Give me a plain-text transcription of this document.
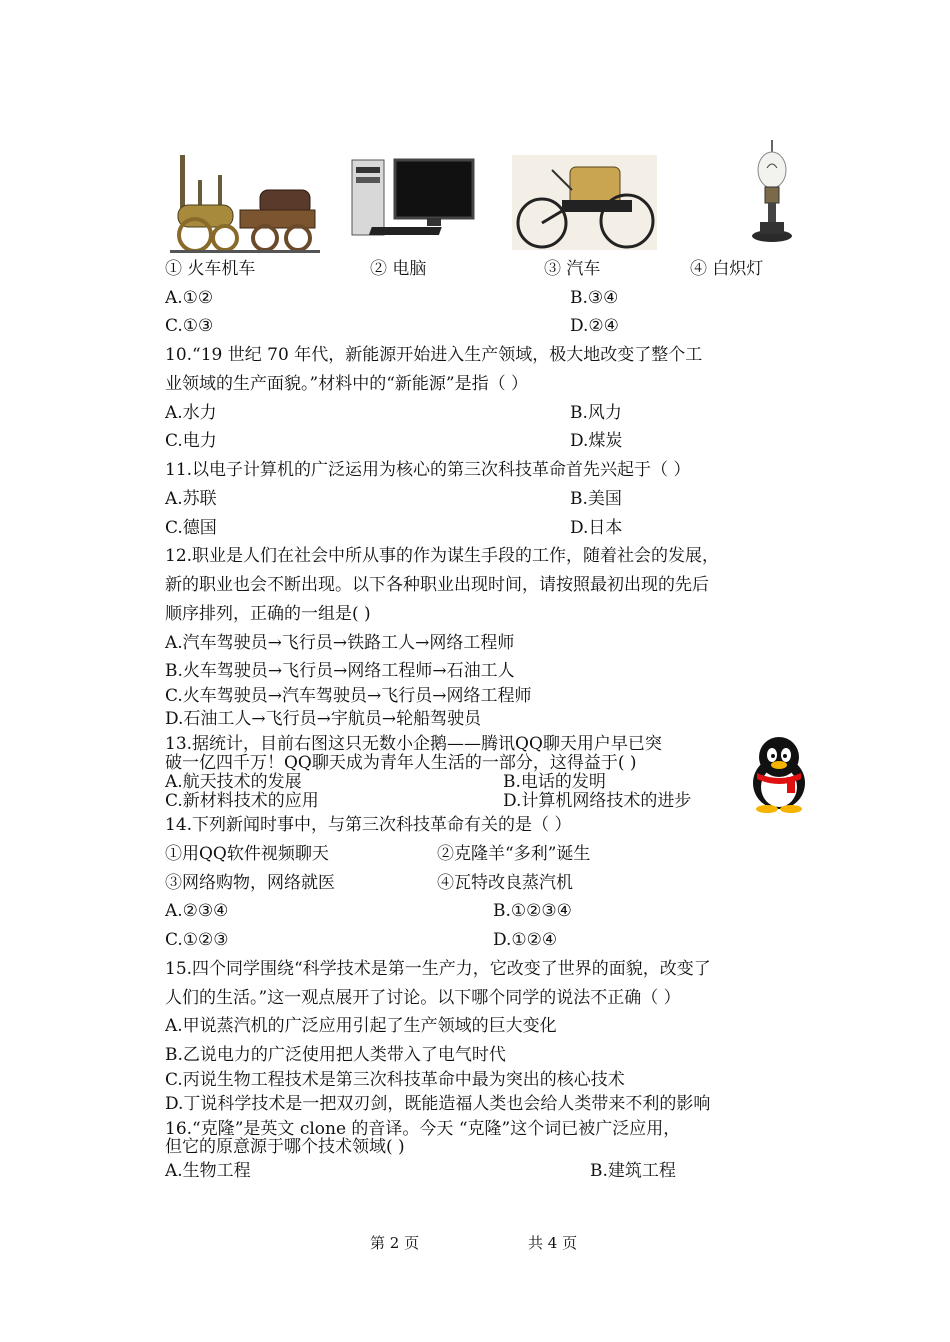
① 火车机车	② 电脑	③ 汽车	④ 白炽灯
A.①②	B.③④
C.①③	D.②④
10.“19 世纪 70 年代，新能源开始进入生产领域，极大地改变了整个工
业领域的生产面貌。”材料中的“新能源”是指（ ）
A.水力	B.风力
C.电力	D.煤炭
11.以电子计算机的广泛运用为核心的第三次科技革命首先兴起于（ ）
A.苏联	B.美国
C.德国	D.日本
12.职业是人们在社会中所从事的作为谋生手段的工作，随着社会的发展，
新的职业也会不断出现。以下各种职业出现时间，请按照最初出现的先后
顺序排列，正确的一组是( )
A.汽车驾驶员→飞行员→铁路工人→网络工程师
B.火车驾驶员→飞行员→网络工程师→石油工人
C.火车驾驶员→汽车驾驶员→飞行员→网络工程师
D.石油工人→飞行员→宇航员→轮船驾驶员
13.据统计，目前右图这只无数小企鹅——腾讯QQ聊天用户早已突
破一亿四千万！QQ聊天成为青年人生活的一部分，这得益于( )
A.航天技术的发展	B.电话的发明
C.新材料技术的应用	D.计算机网络技术的进步
14.下列新闻时事中，与第三次科技革命有关的是（ ）
①用QQ软件视频聊天	②克隆羊“多利”诞生
③网络购物，网络就医	④瓦特改良蒸汽机
A.②③④	B.①②③④
C.①②③	D.①②④
15.四个同学围绕“科学技术是第一生产力，它改变了世界的面貌，改变了
人们的生活。”这一观点展开了讨论。以下哪个同学的说法不正确（ ）
A.甲说蒸汽机的广泛应用引起了生产领域的巨大变化
B.乙说电力的广泛使用把人类带入了电气时代
C.丙说生物工程技术是第三次科技革命中最为突出的核心技术
D.丁说科学技术是一把双刃剑，既能造福人类也会给人类带来不利的影响
16.“克隆”是英文 clone 的音译。今天 “克隆”这个词已被广泛应用，
但它的原意源于哪个技术领域( )
A.生物工程	B.建筑工程
第 2 页	共 4 页
